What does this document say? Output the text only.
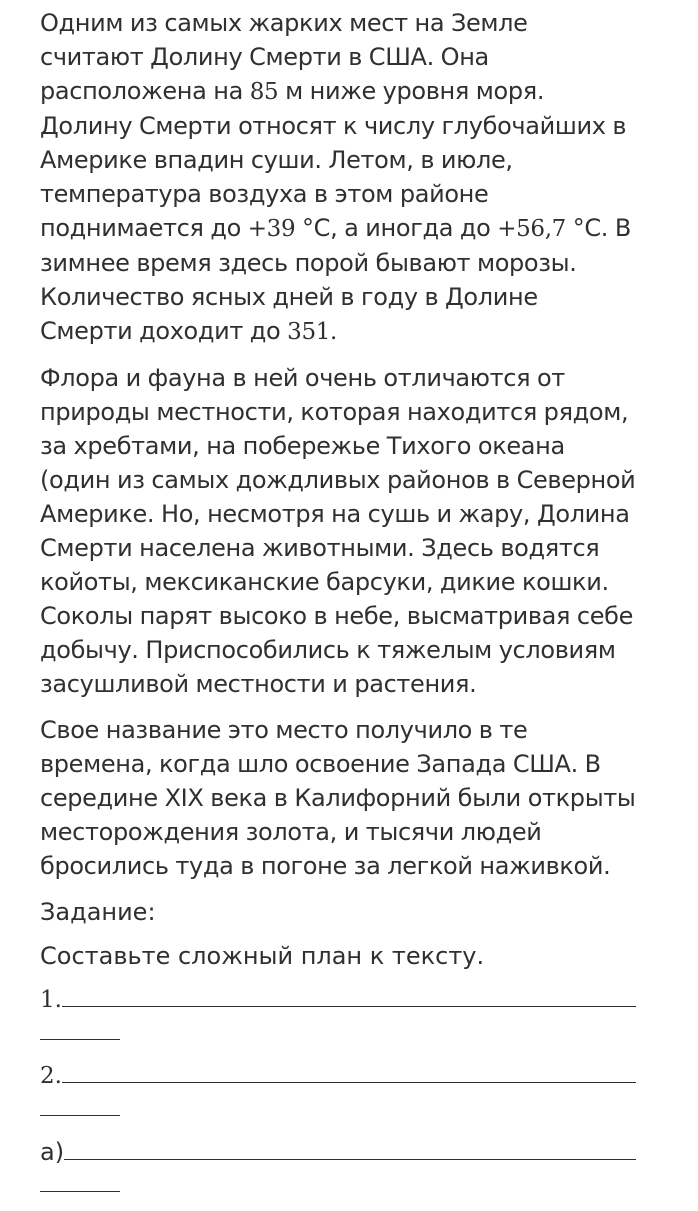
Одним из самых жарких мест на Земле считают Долину Смерти в США. Она расположена на 85 м ниже уровня моря. Долину Смерти относят к числу глубочайших в Америке впадин суши. Летом, в июле, температура воздуха в этом районе поднимается до +39 °С, а иногда до +56,7 °С. В зимнее время здесь порой бывают морозы. Количество ясных дней в году в Долине Смерти доходит до 351.

Флора и фауна в ней очень отличаются от природы местности, которая находится рядом, за хребтами, на побережье Тихого океана (один из самых дождливых районов в Северной Америке. Но, несмотря на сушь и жару, Долина Смерти населена животными. Здесь водятся койоты, мексиканские барсуки, дикие кошки. Соколы парят высоко в небе, высматривая себе добычу. Приспособились к тяжелым условиям засушливой местности и растения.

Свое название это место получило в те времена, когда шло освоение Запада США. В середине XIX века в Калифорний были открыты месторождения золота, и тысячи людей бросились туда в погоне за легкой наживкой.

Задание:

Составьте сложный план к тексту.

1.
2.
а)
